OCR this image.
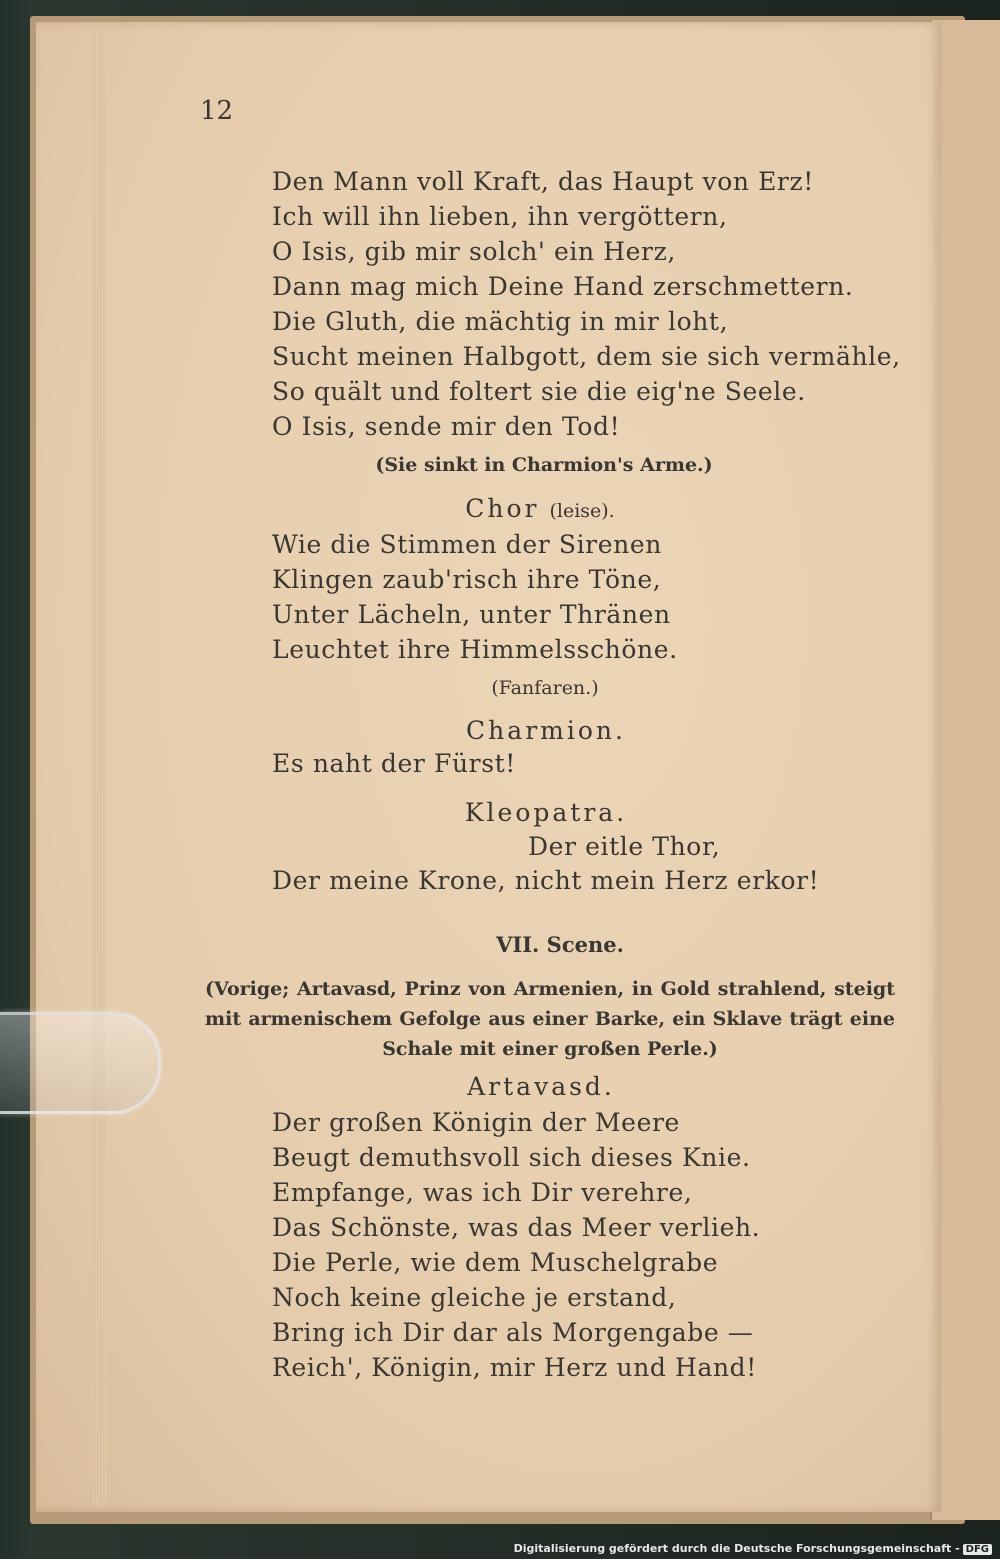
12

Den Mann voll Kraft, das Haupt von Erz!

Ich will ihn lieben, ihn vergöttern,

O Isis, gib mir solch' ein Herz,

Dann mag mich Deine Hand zerschmettern.

Die Gluth, die mächtig in mir loht,

Sucht meinen Halbgott, dem sie sich vermähle,

So quält und foltert sie die eig'ne Seele.

O Isis, sende mir den Tod!

(Sie sinkt in Charmion's Arme.)

Chor (leise).

Wie die Stimmen der Sirenen

Klingen zaub'risch ihre Töne,

Unter Lächeln, unter Thränen

Leuchtet ihre Himmelsschöne.

(Fanfaren.)

Charmion.

Es naht der Fürst!

Kleopatra.

Der eitle Thor,

Der meine Krone, nicht mein Herz erkor!

VII. Scene.

(Vorige; Artavasd, Prinz von Armenien, in Gold strahlend, steigt mit armenischem Gefolge aus einer Barke, ein Sklave trägt eine Schale mit einer großen Perle.)

Artavasd.

Der großen Königin der Meere

Beugt demuthsvoll sich dieses Knie.

Empfange, was ich Dir verehre,

Das Schönste, was das Meer verlieh.

Die Perle, wie dem Muschelgrabe

Noch keine gleiche je erstand,

Bring ich Dir dar als Morgengabe —

Reich', Königin, mir Herz und Hand!

Digitalisierung gefördert durch die Deutsche Forschungsgemeinschaft - DFG
